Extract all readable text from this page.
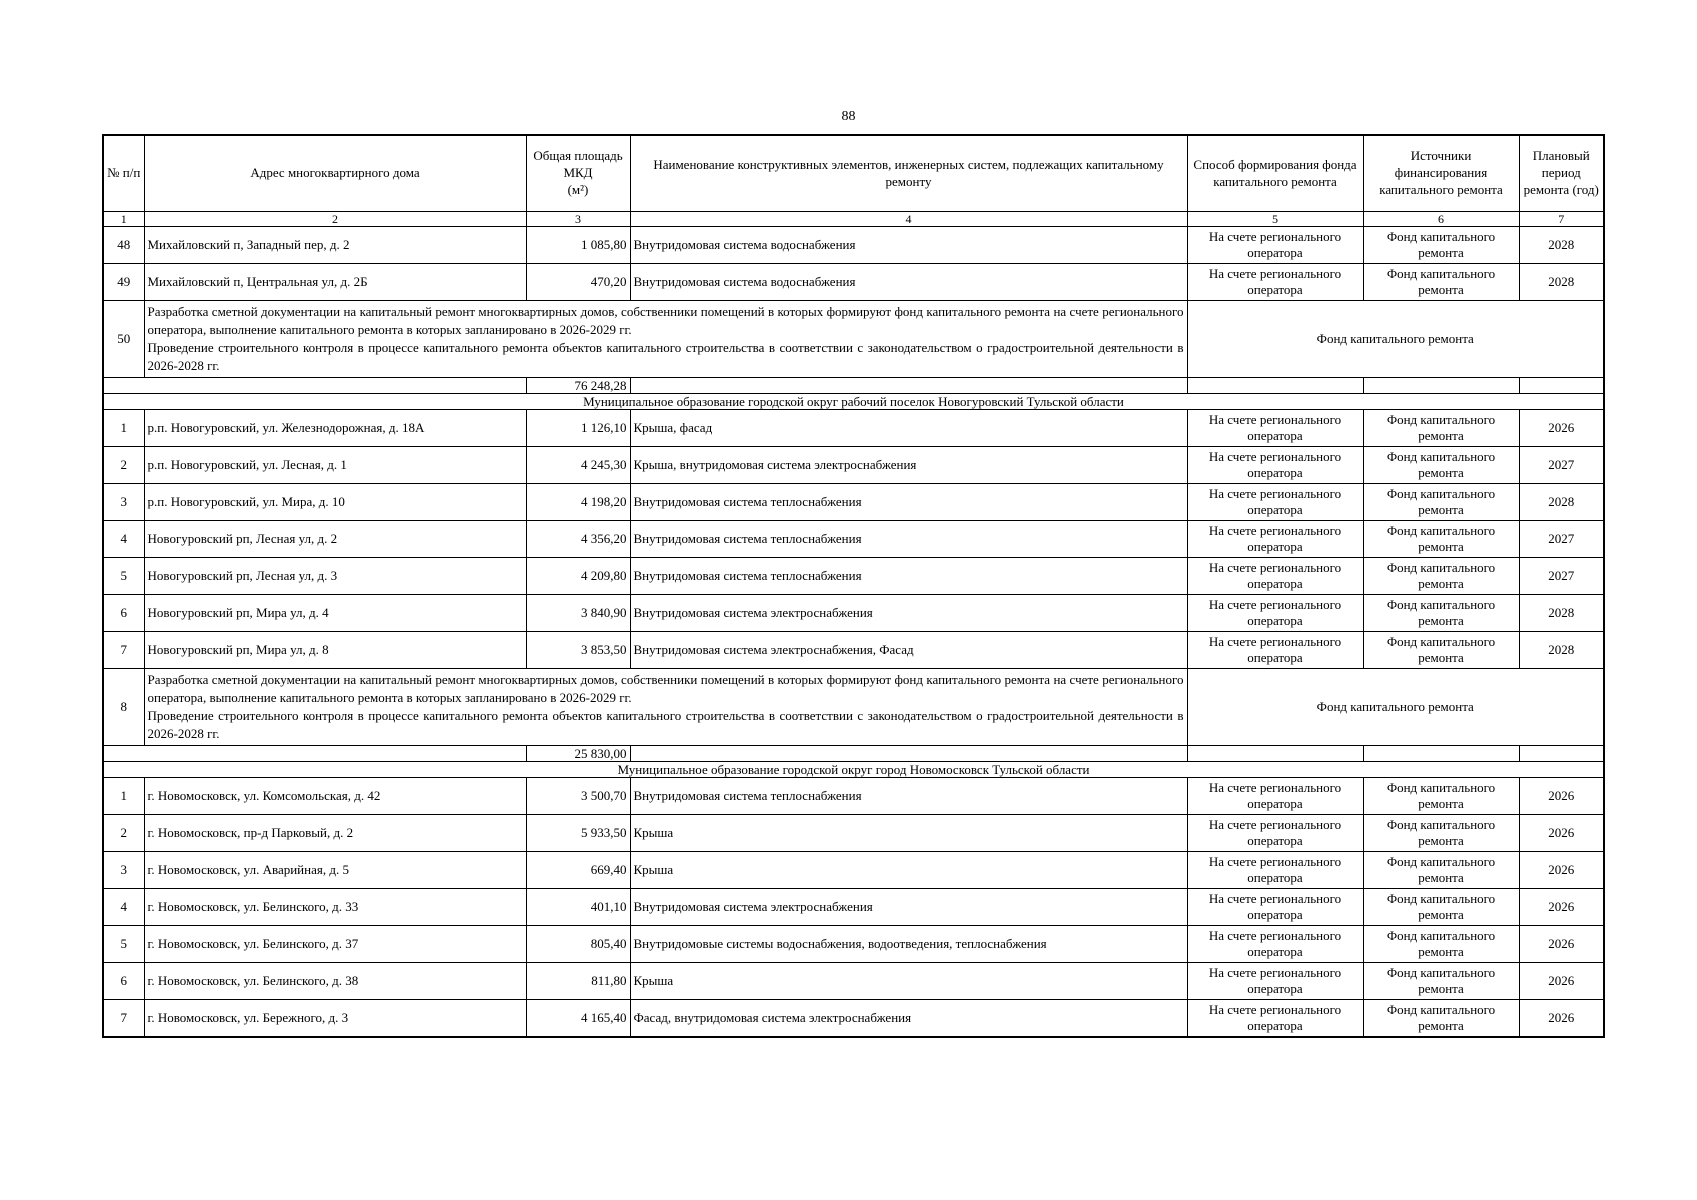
88
№ п/п	Адрес многоквартирного дома	Общая площадь МКД
(м²)	Наименование конструктивных элементов, инженерных систем, подлежащих капитальному ремонту	Способ формирования фонда капитального ремонта	Источники финансирования капитального ремонта	Плановый период ремонта (год)
1	2	3	4	5	6	7
48	Михайловский п, Западный пер, д. 2	1 085,80	Внутридомовая система водоснабжения	На счете регионального оператора	Фонд капитального ремонта	2028
49	Михайловский п, Центральная ул, д. 2Б	470,20	Внутридомовая система водоснабжения	На счете регионального оператора	Фонд капитального ремонта	2028
50	Разработка сметной документации на капитальный ремонт многоквартирных домов, собственники помещений в которых формируют фонд капитального ремонта на счете регионального оператора, выполнение капитального ремонта в которых запланировано в 2026-2029 гг.
Проведение строительного контроля в процессе капитального ремонта объектов капитального строительства в соответствии с законодательством о градостроительной деятельности в 2026-2028 гг.			Фонд капитального ремонта		
		76 248,28				
Муниципальное образование городской округ рабочий поселок Новогуровский Тульской области						
1	р.п. Новогуровский, ул. Железнодорожная, д. 18А	1 126,10	Крыша, фасад	На счете регионального оператора	Фонд капитального ремонта	2026
2	р.п. Новогуровский, ул. Лесная, д. 1	4 245,30	Крыша, внутридомовая система электроснабжения	На счете регионального оператора	Фонд капитального ремонта	2027
3	р.п. Новогуровский, ул. Мира, д. 10	4 198,20	Внутридомовая система теплоснабжения	На счете регионального оператора	Фонд капитального ремонта	2028
4	Новогуровский рп, Лесная ул, д. 2	4 356,20	Внутридомовая система теплоснабжения	На счете регионального оператора	Фонд капитального ремонта	2027
5	Новогуровский рп, Лесная ул, д. 3	4 209,80	Внутридомовая система теплоснабжения	На счете регионального оператора	Фонд капитального ремонта	2027
6	Новогуровский рп, Мира ул, д. 4	3 840,90	Внутридомовая система электроснабжения	На счете регионального оператора	Фонд капитального ремонта	2028
7	Новогуровский рп, Мира ул, д. 8	3 853,50	Внутридомовая система электроснабжения, Фасад	На счете регионального оператора	Фонд капитального ремонта	2028
8	Разработка сметной документации на капитальный ремонт многоквартирных домов, собственники помещений в которых формируют фонд капитального ремонта на счете регионального оператора, выполнение капитального ремонта в которых запланировано в 2026-2029 гг.
Проведение строительного контроля в процессе капитального ремонта объектов капитального строительства в соответствии с законодательством о градостроительной деятельности в 2026-2028 гг.			Фонд капитального ремонта		
		25 830,00				
Муниципальное образование городской округ город Новомосковск Тульской области						
1	г. Новомосковск, ул. Комсомольская, д. 42	3 500,70	Внутридомовая система теплоснабжения	На счете регионального оператора	Фонд капитального ремонта	2026
2	г. Новомосковск, пр-д Парковый, д. 2	5 933,50	Крыша	На счете регионального оператора	Фонд капитального ремонта	2026
3	г. Новомосковск, ул. Аварийная, д. 5	669,40	Крыша	На счете регионального оператора	Фонд капитального ремонта	2026
4	г. Новомосковск, ул. Белинского, д. 33	401,10	Внутридомовая система электроснабжения	На счете регионального оператора	Фонд капитального ремонта	2026
5	г. Новомосковск, ул. Белинского, д. 37	805,40	Внутридомовые системы водоснабжения, водоотведения, теплоснабжения	На счете регионального оператора	Фонд капитального ремонта	2026
6	г. Новомосковск, ул. Белинского, д. 38	811,80	Крыша	На счете регионального оператора	Фонд капитального ремонта	2026
7	г. Новомосковск, ул. Бережного, д. 3	4 165,40	Фасад, внутридомовая система электроснабжения	На счете регионального оператора	Фонд капитального ремонта	2026
